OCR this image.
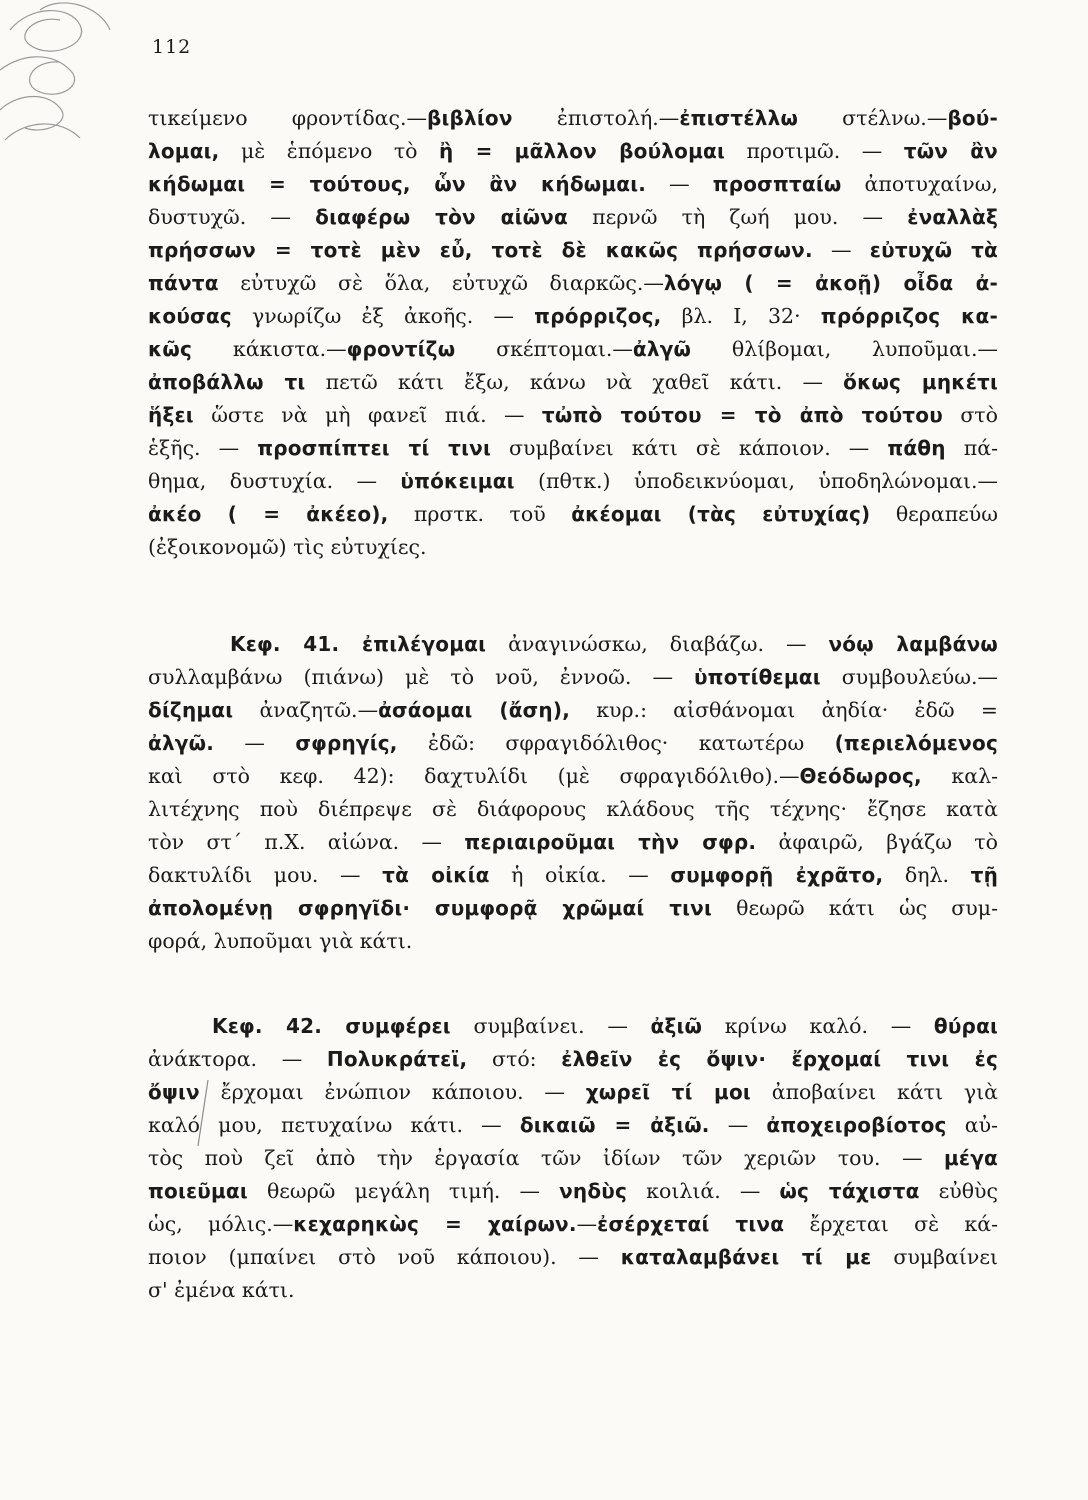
112
τικείμενο φροντίδας.—βιβλίον ἐπιστολή.—ἐπιστέλλω στέλνω.—βού-
λομαι, μὲ ἑπόμενο τὸ ἢ = μᾶλλον βούλομαι προτιμῶ. — τῶν ἂν
κήδωμαι = τούτους, ὧν ἂν κήδωμαι. — προσπταίω ἀποτυχαίνω,
δυστυχῶ. — διαφέρω τὸν αἰῶνα περνῶ τὴ ζωή μου. — ἐναλλὰξ
πρήσσων = τοτὲ μὲν εὖ, τοτὲ δὲ κακῶς πρήσσων. — εὐτυχῶ τὰ
πάντα εὐτυχῶ σὲ ὅλα, εὐτυχῶ διαρκῶς.—λόγῳ ( = ἀκοῇ) οἶδα ἀ-
κούσας γνωρίζω ἐξ ἀκοῆς. — πρόρριζος, βλ. I, 32· πρόρριζος κα-
κῶς κάκιστα.—φροντίζω σκέπτομαι.—ἀλγῶ θλίβομαι, λυποῦμαι.—
ἀποβάλλω τι πετῶ κάτι ἔξω, κάνω νὰ χαθεῖ κάτι. — ὅκως μηκέτι
ἥξει ὥστε νὰ μὴ φανεῖ πιά. — τὠπὸ τούτου = τὸ ἀπὸ τούτου στὸ
ἑξῆς. — προσπίπτει τί τινι συμβαίνει κάτι σὲ κάποιον. — πάθη πά-
θημα, δυστυχία. — ὑπόκειμαι (πθτκ.) ὑποδεικνύομαι, ὑποδηλώνομαι.—
ἀκέο ( = ἀκέεο), πρστκ. τοῦ ἀκέομαι (τὰς εὐτυχίας) θεραπεύω
(ἐξοικονομῶ) τὶς εὐτυχίες.
Κεφ. 41. ἐπιλέγομαι ἀναγινώσκω, διαβάζω. — νόῳ λαμβάνω
συλλαμβάνω (πιάνω) μὲ τὸ νοῦ, ἐννοῶ. — ὑποτίθεμαι συμβουλεύω.—
δίζημαι ἀναζητῶ.—ἀσάομαι (ἄση), κυρ.: αἰσθάνομαι ἀηδία· ἐδῶ =
ἀλγῶ. — σφρηγίς, ἐδῶ: σφραγιδόλιθος· κατωτέρω (περιελόμενος
καὶ στὸ κεφ. 42): δαχτυλίδι (μὲ σφραγιδόλιθο).—Θεόδωρος, καλ-
λιτέχνης ποὺ διέπρεψε σὲ διάφορους κλάδους τῆς τέχνης· ἔζησε κατὰ
τὸν στ΄ π.Χ. αἰώνα. — περιαιροῦμαι τὴν σφρ. ἀφαιρῶ, βγάζω τὸ
δακτυλίδι μου. — τὰ οἰκία ἡ οἰκία. — συμφορῇ ἐχρᾶτο, δηλ. τῇ
ἀπολομένῃ σφρηγῖδι· συμφορᾷ χρῶμαί τινι θεωρῶ κάτι ὡς συμ-
φορά, λυποῦμαι γιὰ κάτι.
Κεφ. 42. συμφέρει συμβαίνει. — ἀξιῶ κρίνω καλό. — θύραι
ἀνάκτορα. — Πολυκράτεϊ, στό: ἐλθεῖν ἐς ὄψιν· ἔρχομαί τινι ἐς
ὄψιν ἔρχομαι ἐνώπιον κάποιου. — χωρεῖ τί μοι ἀποβαίνει κάτι γιὰ
καλό μου, πετυχαίνω κάτι. — δικαιῶ = ἀξιῶ. — ἀποχειροβίοτος αὐ-
τὸς ποὺ ζεῖ ἀπὸ τὴν ἐργασία τῶν ἰδίων τῶν χεριῶν του. — μέγα
ποιεῦμαι θεωρῶ μεγάλη τιμή. — νηδὺς κοιλιά. — ὡς τάχιστα εὐθὺς
ὡς, μόλις.—κεχαρηκὼς = χαίρων.—ἐσέρχεταί τινα ἔρχεται σὲ κά-
ποιον (μπαίνει στὸ νοῦ κάποιου). — καταλαμβάνει τί με συμβαίνει
σ' ἐμένα κάτι.
